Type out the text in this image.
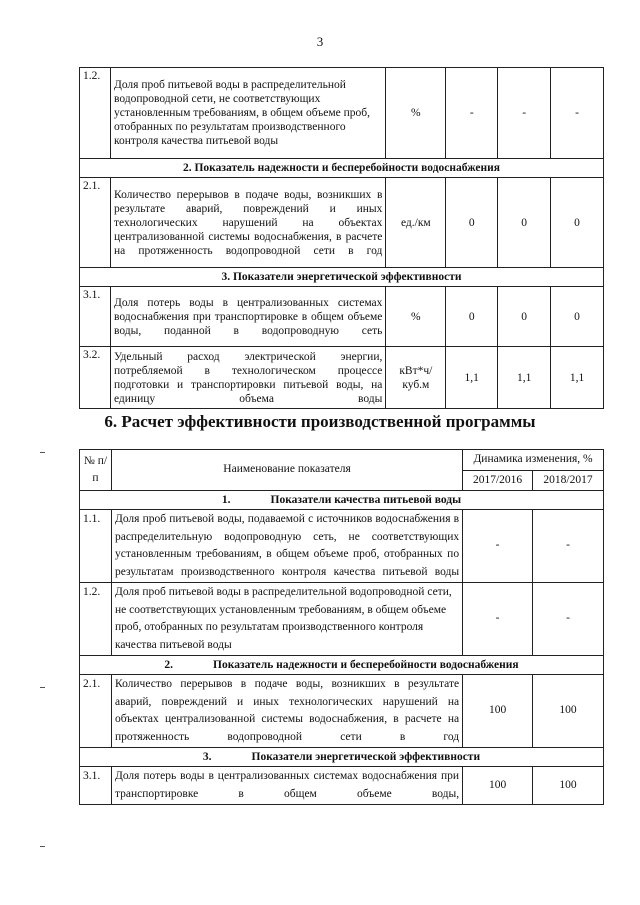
3
1.2.	Доля проб питьевой воды в распределительной водопроводной сети, не соответствующих установленным требованиям, в общем объеме проб, отобранных по результатам производственного контроля качества питьевой воды	%	-	-	-
2. Показатель надежности и бесперебойности водоснабжения					
2.1.	Количество перерывов в подаче воды, возникших в результате аварий, повреждений и иных технологических нарушений на объектах централизованной системы водоснабжения, в расчете на протяженность водопроводной сети в год	ед./км	0	0	0
3. Показатели энергетической эффективности					
3.1.	Доля потерь воды в централизованных системах водоснабжения при транспортировке в общем объеме воды, поданной в водопроводную сеть	%	0	0	0
3.2.	Удельный расход электрической энергии, потребляемой в технологическом процессе подготовки и транспортировки питьевой воды, на единицу объема воды	кВт*ч/ куб.м	1,1	1,1	1,1
6. Расчет эффективности производственной программы
№ п/п	Наименование показателя	Динамика изменения, %	
		2017/2016	2018/2017
1. Показатели качества питьевой воды			
1.1.	Доля проб питьевой воды, подаваемой с источников водоснабжения в распределительную водопроводную сеть, не соответствующих установленным требованиям, в общем объеме проб, отобранных по результатам производственного контроля качества питьевой воды	-	-
1.2.	Доля проб питьевой воды в распределительной водопроводной сети, не соответствующих установленным требованиям, в общем объеме проб, отобранных по результатам производственного контроля качества питьевой воды	-	-
2. Показатель надежности и бесперебойности водоснабжения			
2.1.	Количество перерывов в подаче воды, возникших в результате аварий, повреждений и иных технологических нарушений на объектах централизованной системы водоснабжения, в расчете на протяженность водопроводной сети в год	100	100
3. Показатели энергетической эффективности			
3.1.	Доля потерь воды в централизованных системах водоснабжения при транспортировке в общем объеме воды,	100	100
